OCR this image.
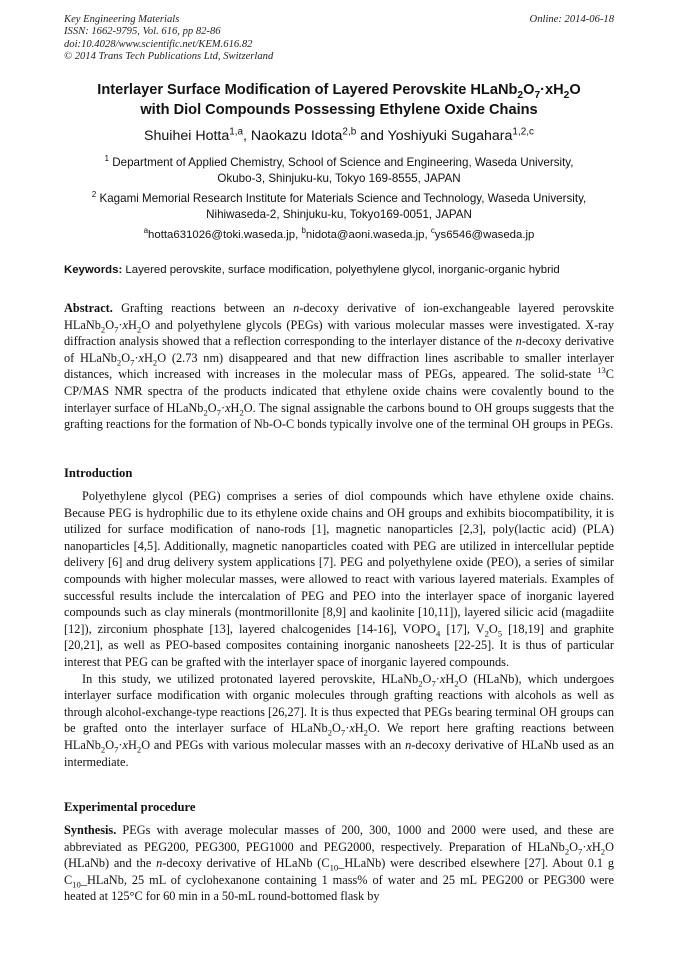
Key Engineering Materials
ISSN: 1662-9795, Vol. 616, pp 82-86
doi:10.4028/www.scientific.net/KEM.616.82
© 2014 Trans Tech Publications Ltd, Switzerland
Online: 2014-06-18
Interlayer Surface Modification of Layered Perovskite $HLaNb_2O_7\cdot xH_2O$
with Diol Compounds Possessing Ethylene Oxide Chains
Shuihei Hotta$^{1,a}$, Naokazu Idota$^{2,b}$ and Yoshiyuki Sugahara$^{1,2,c}$
$^1$ Department of Applied Chemistry, School of Science and Engineering, Waseda University,
Okubo-3, Shinjuku-ku, Tokyo 169-8555, JAPAN
$^2$ Kagami Memorial Research Institute for Materials Science and Technology, Waseda University,
Nihiwaseda-2, Shinjuku-ku, Tokyo169-0051, JAPAN
$^a$hotta631026@toki.waseda.jp, $^b$nidota@aoni.waseda.jp, $^c$ys6546@waseda.jp
Keywords: Layered perovskite, surface modification, polyethylene glycol, inorganic-organic hybrid

Abstract. Grafting reactions between an n-decoxy derivative of ion-exchangeable layered perovskite $HLaNb_2O_7\cdot xH_2O$ and polyethylene glycols (PEGs) with various molecular masses were investigated. X-ray diffraction analysis showed that a reflection corresponding to the interlayer distance of the n-decoxy derivative of $HLaNb_2O_7\cdot xH_2O$ (2.73 nm) disappeared and that new diffraction lines ascribable to smaller interlayer distances, which increased with increases in the molecular mass of PEGs, appeared. The solid-state $^{13}$C CP/MAS NMR spectra of the products indicated that ethylene oxide chains were covalently bound to the interlayer surface of $HLaNb_2O_7\cdot xH_2O$. The signal assignable the carbons bound to OH groups suggests that the grafting reactions for the formation of Nb-O-C bonds typically involve one of the terminal OH groups in PEGs.

Introduction

Polyethylene glycol (PEG) comprises a series of diol compounds which have ethylene oxide chains. Because PEG is hydrophilic due to its ethylene oxide chains and OH groups and exhibits biocompatibility, it is utilized for surface modification of nano-rods [1], magnetic nanoparticles [2,3], poly(lactic acid) (PLA) nanoparticles [4,5]. Additionally, magnetic nanoparticles coated with PEG are utilized in intercellular peptide delivery [6] and drug delivery system applications [7]. PEG and polyethylene oxide (PEO), a series of similar compounds with higher molecular masses, were allowed to react with various layered materials. Examples of successful results include the intercalation of PEG and PEO into the interlayer space of inorganic layered compounds such as clay minerals (montmorillonite [8,9] and kaolinite [10,11]), layered silicic acid (magadiite [12]), zirconium phosphate [13], layered chalcogenides [14-16], $VOPO_4$ [17], $V_2O_5$ [18,19] and graphite [20,21], as well as PEO-based composites containing inorganic nanosheets [22-25]. It is thus of particular interest that PEG can be grafted with the interlayer space of inorganic layered compounds.

In this study, we utilized protonated layered perovskite, $HLaNb_2O_7\cdot xH_2O$ (HLaNb), which undergoes interlayer surface modification with organic molecules through grafting reactions with alcohols as well as through alcohol-exchange-type reactions [26,27]. It is thus expected that PEGs bearing terminal OH groups can be grafted onto the interlayer surface of $HLaNb_2O_7\cdot xH_2O$. We report here grafting reactions between $HLaNb_2O_7\cdot xH_2O$ and PEGs with various molecular masses with an n-decoxy derivative of HLaNb used as an intermediate.

Experimental procedure

Synthesis. PEGs with average molecular masses of 200, 300, 1000 and 2000 were used, and these are abbreviated as PEG200, PEG300, PEG1000 and PEG2000, respectively. Preparation of $HLaNb_2O_7\cdot xH_2O$ (HLaNb) and the n-decoxy derivative of HLaNb $(C_{10}\_HLaNb)$ were described elsewhere [27]. About 0.1 g $C_{10}\_HLaNb$, 25 mL of cyclohexanone containing 1 mass% of water and 25 mL PEG200 or PEG300 were heated at 125°C for 60 min in a 50-mL round-bottomed flask by
